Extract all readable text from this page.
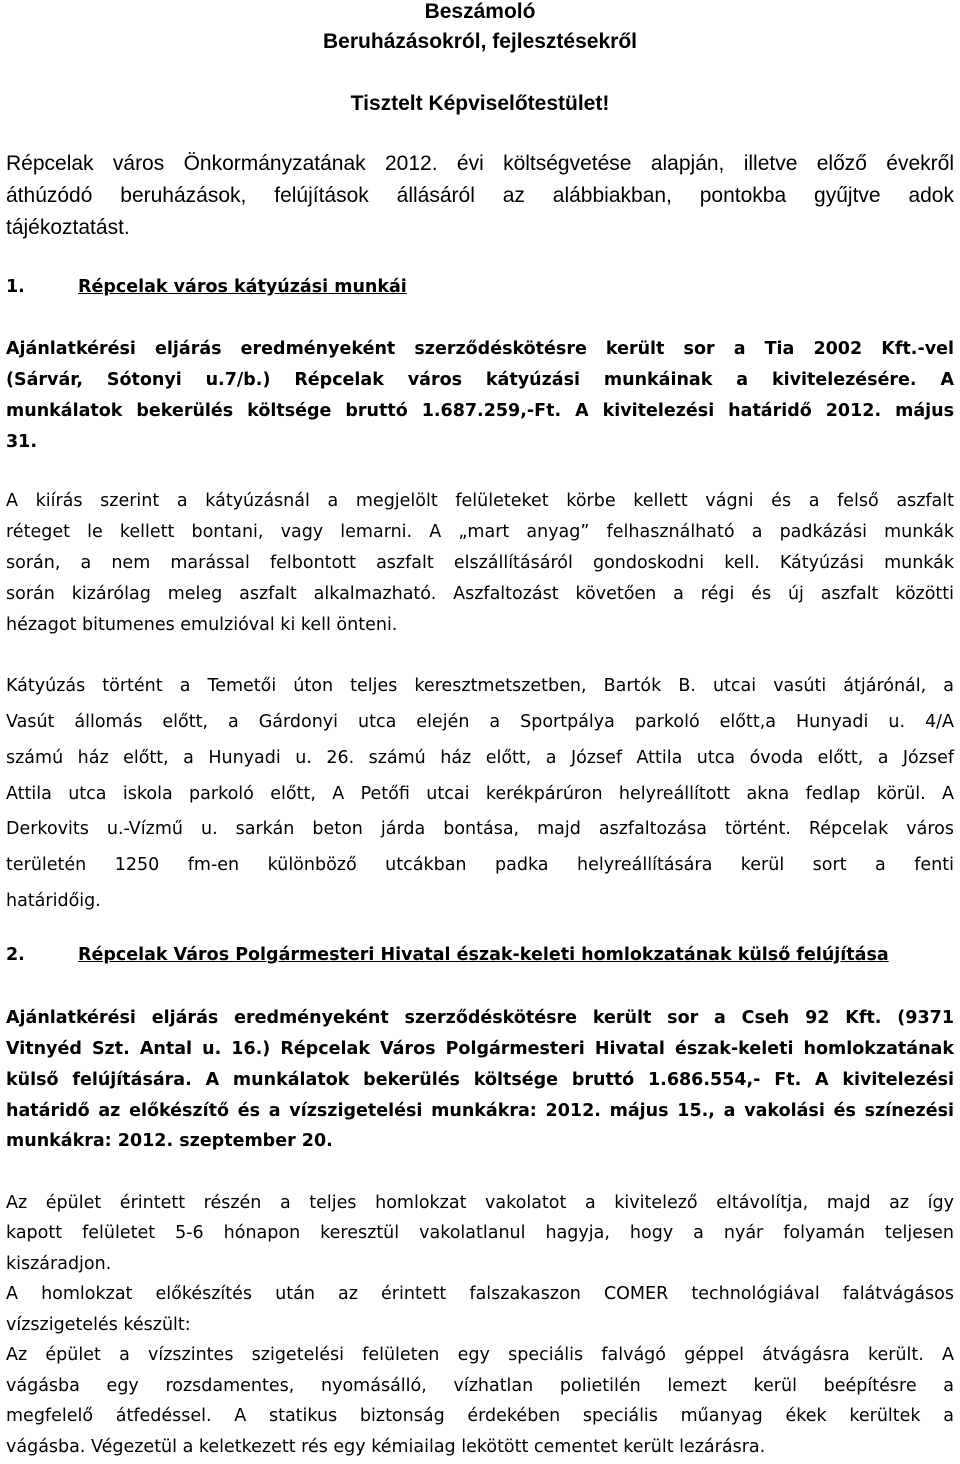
Beszámoló

Beruházásokról, fejlesztésekről

Tisztelt Képviselőtestület!

Répcelak város Önkormányzatának 2012. évi költségvetése alapján, illetve előző évekről

áthúzódó beruházások, felújítások állásáról az alábbiakban, pontokba gyűjtve adok

tájékoztatást.

1.	Répcelak város kátyúzási munkái

Ajánlatkérési eljárás eredményeként szerződéskötésre került sor a Tia 2002 Kft.-vel

(Sárvár, Sótonyi u.7/b.) Répcelak város kátyúzási munkáinak a kivitelezésére. A

munkálatok bekerülés költsége bruttó 1.687.259,-Ft. A kivitelezési határidő 2012. május

31.

A kiírás szerint a kátyúzásnál a megjelölt felületeket körbe kellett vágni és a felső aszfalt

réteget le kellett bontani, vagy lemarni. A „mart anyag” felhasználható a padkázási munkák

során, a nem marással felbontott aszfalt elszállításáról gondoskodni kell. Kátyúzási munkák

során kizárólag meleg aszfalt alkalmazható. Aszfaltozást követően a régi és új aszfalt közötti

hézagot bitumenes emulzióval ki kell önteni.

Kátyúzás történt a Temetői úton teljes keresztmetszetben, Bartók B. utcai vasúti átjárónál, a

Vasút állomás előtt, a Gárdonyi utca elején a Sportpálya parkoló előtt,a Hunyadi u. 4/A

számú ház előtt, a Hunyadi u. 26. számú ház előtt, a József Attila utca óvoda előtt, a József

Attila utca iskola parkoló előtt, A Petőfi utcai kerékpárúron helyreállított akna fedlap körül. A

Derkovits u.-Vízmű u. sarkán beton járda bontása, majd aszfaltozása történt. Répcelak város

területén 1250 fm-en különböző utcákban padka helyreállítására kerül sort a fenti

határidőig.

2.	Répcelak Város Polgármesteri Hivatal észak-keleti homlokzatának külső felújítása

Ajánlatkérési eljárás eredményeként szerződéskötésre került sor a Cseh 92 Kft. (9371

Vitnyéd Szt. Antal u. 16.) Répcelak Város Polgármesteri Hivatal észak-keleti homlokzatának

külső felújítására. A munkálatok bekerülés költsége bruttó 1.686.554,- Ft. A kivitelezési

határidő az előkészítő és a vízszigetelési munkákra: 2012. május 15., a vakolási és színezési

munkákra: 2012. szeptember 20.

Az épület érintett részén a teljes homlokzat vakolatot a kivitelező eltávolítja, majd az így

kapott felületet 5-6 hónapon keresztül vakolatlanul hagyja, hogy a nyár folyamán teljesen

kiszáradjon.

A homlokzat előkészítés után az érintett falszakaszon COMER technológiával falátvágásos

vízszigetelés készült:

Az épület a vízszintes szigetelési felületen egy speciális falvágó géppel átvágásra került. A

vágásba egy rozsdamentes, nyomásálló, vízhatlan polietilén lemezt kerül beépítésre a

megfelelő átfedéssel. A statikus biztonság érdekében speciális műanyag ékek kerültek a

vágásba. Végezetül a keletkezett rés egy kémiailag lekötött cementet került lezárásra.
